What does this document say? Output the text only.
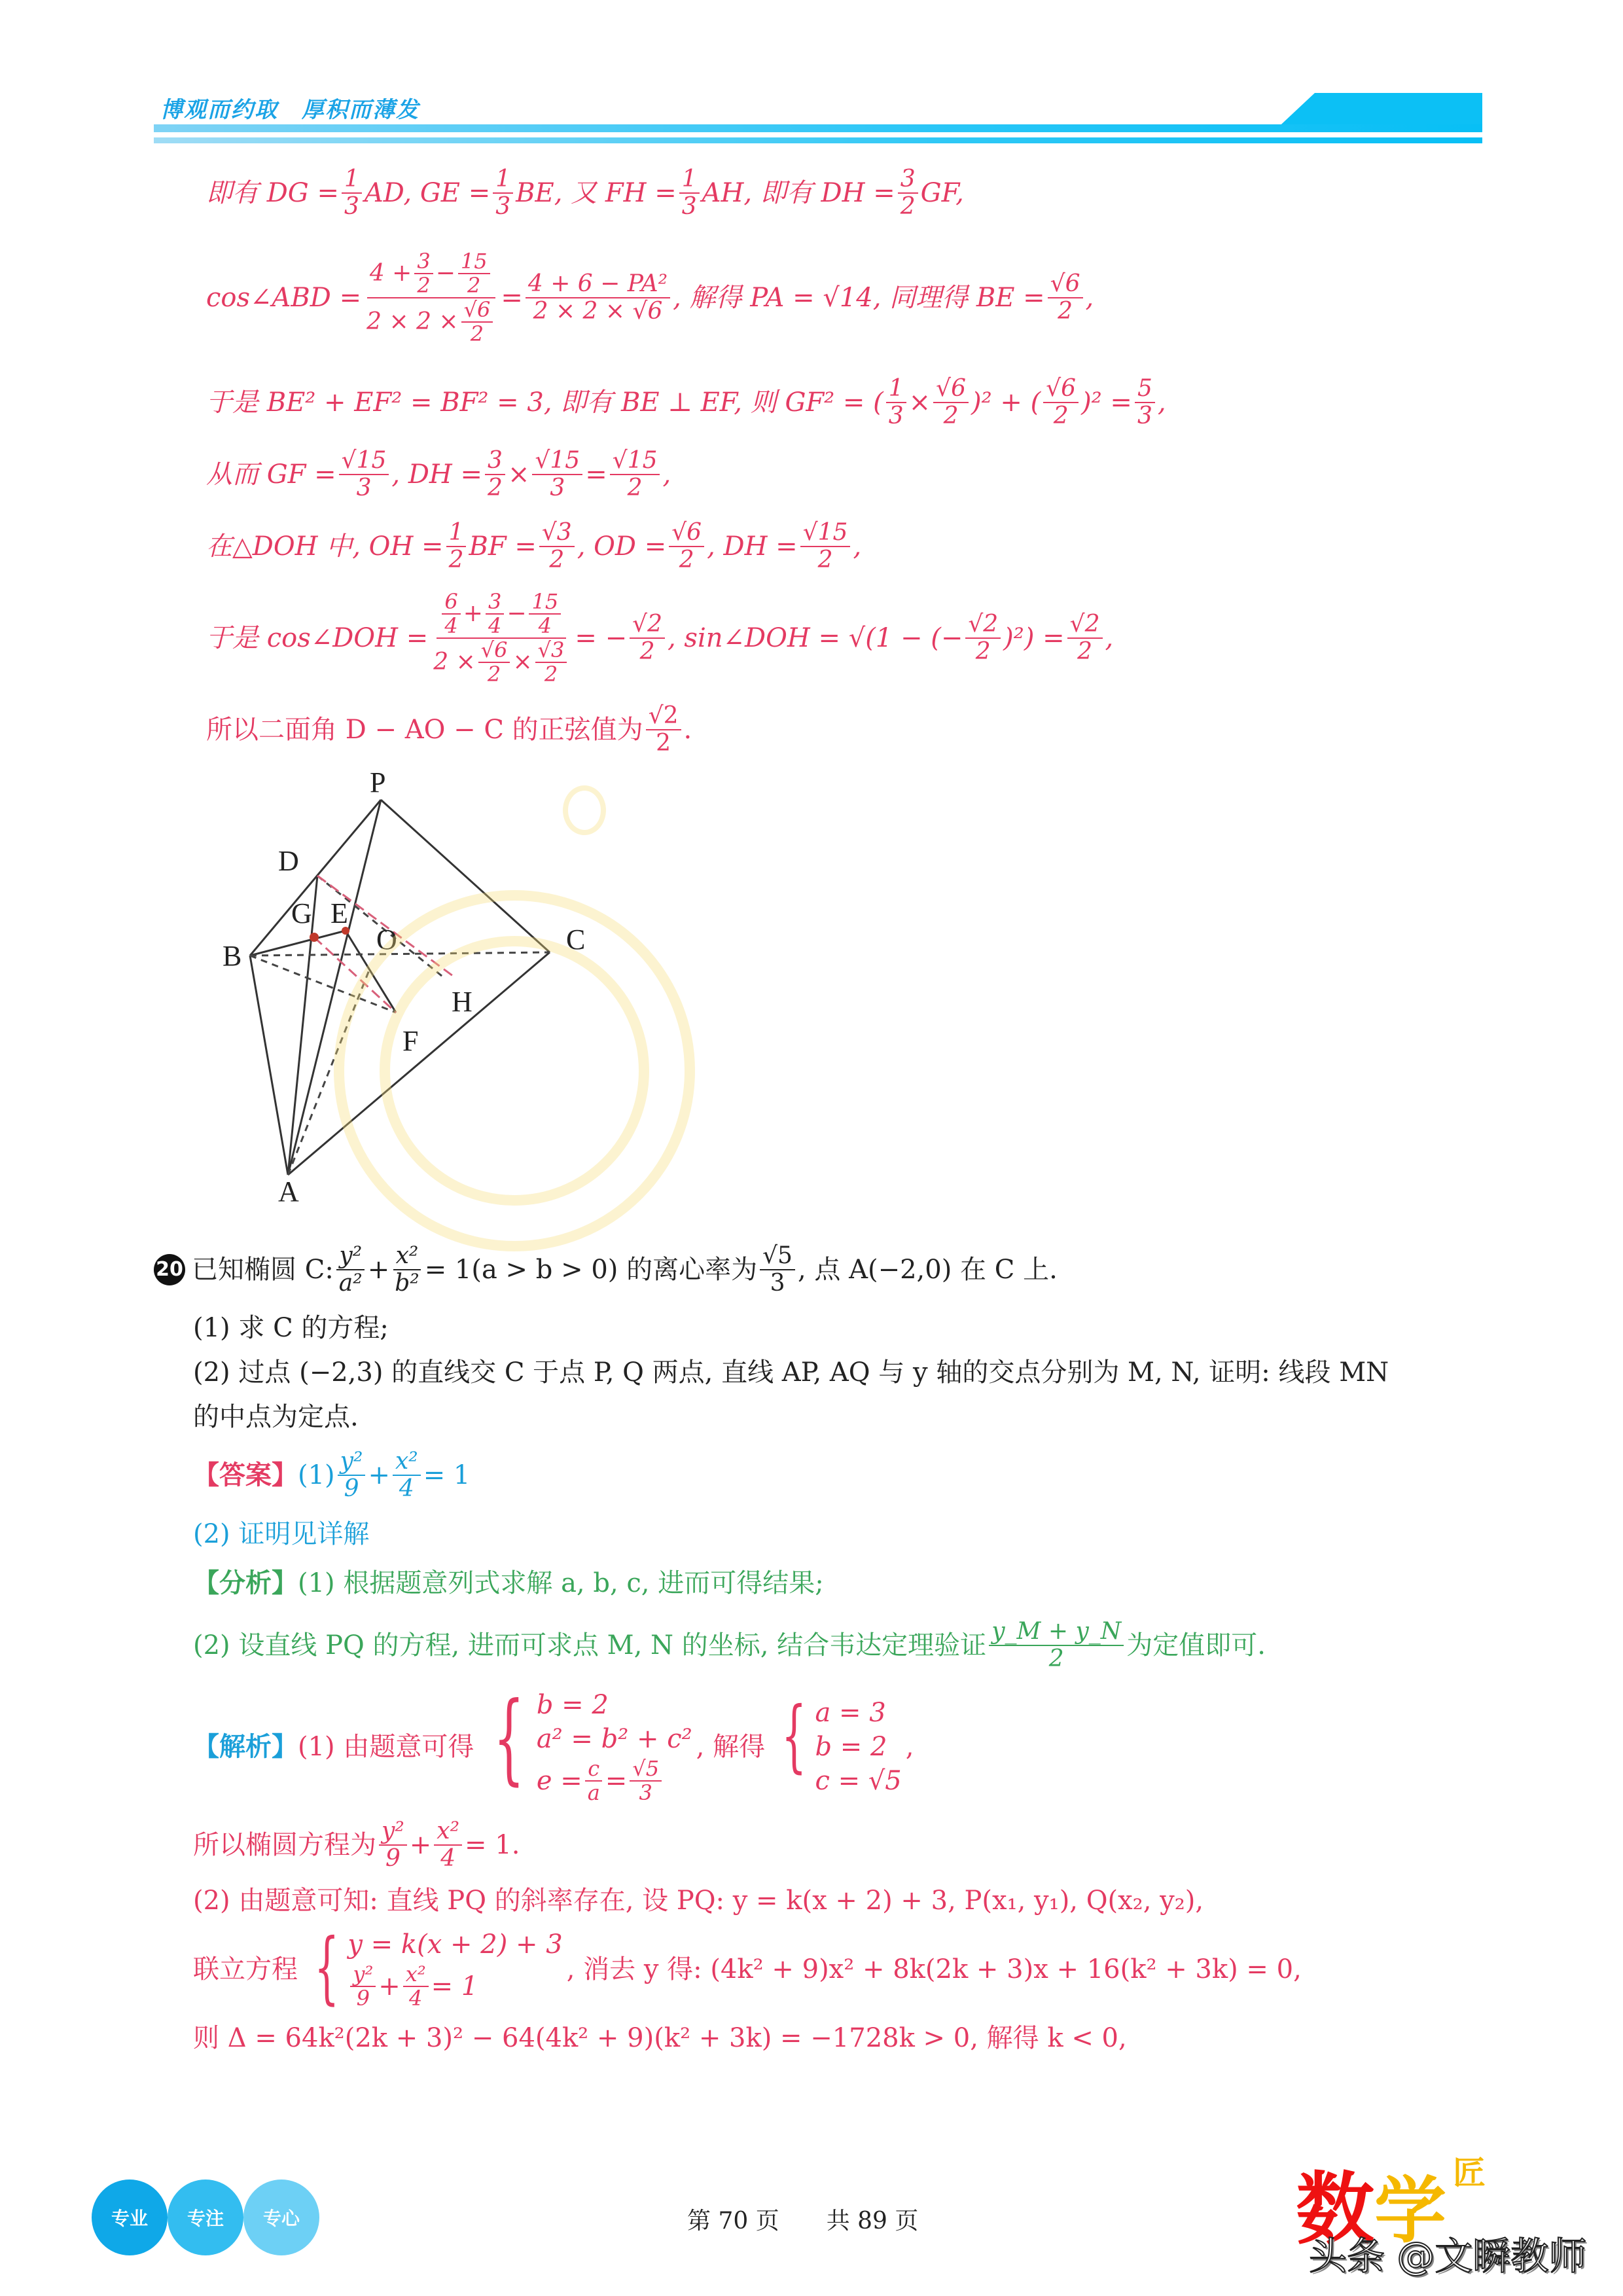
博观而约取　厚积而薄发
即有 DG = $\frac{1}{3}$ AD, GE = $\frac{1}{3}$ BE, 又 FH = $\frac{1}{3}$ AH, 即有 DH = $\frac{3}{2}$ GF,
cos∠ABD = $\frac{4 + \frac{3}{2} - \frac{15}{2}}{2 \times 2 \times \frac{√6}{2}} = \frac{\text{4 + 6 − PA²}}{2 \times 2 \times √6}$ , 解得 PA = √14, 同理得 BE = $\frac{√6}{2}$ ,
于是 BE² + EF² = BF² = 3, 即有 BE ⊥ EF, 则 GF² = ( $\frac{1}{3} \times \frac{√6}{2} )^2$ + ( $\frac{√6}{2} )^2 = \frac{5}{3}$ ,
从而 GF = $\frac{√15}{3}$ , DH = $\frac{3}{2} \times \frac{√15}{3} = \frac{√15}{2}$ ,
在△DOH 中, OH = $\frac{1}{2}$ BF = $\frac{√3}{2}$ , OD = $\frac{√6}{2}$ , DH = $\frac{√15}{2}$ ,
于是 cos∠DOH = $\frac{\frac{6}{4} + \frac{3}{4} - \frac{15}{4}}{2 \times \frac{√6}{2} \times \frac{√3}{2}}$ = − $\frac{√2}{2}$ , sin∠DOH = √(1 − (− $\frac{√2}{2} )^2) = \frac{√2}{2}$ ,
所以二面角 D − AO − C 的正弦值为 $\frac{√2}{2}$ .
P
D
G E
O
B
C
H
F
A
20 已知椭圆 C: $\frac{\text{y²}}{\text{a²}} + \frac{\text{x²}}{\text{b²}} = 1(a > b > 0)$ 的离心率为 $\frac{√5}{3}$ , 点 A(−2,0) 在 C 上.
(1) 求 C 的方程;
(2) 过点 (−2,3) 的直线交 C 于点 P, Q 两点, 直线 AP, AQ 与 y 轴的交点分别为 M, N, 证明: 线段 MN
的中点为定点.
【答案】 $(1) \frac{\text{y²}}{9} + \frac{\text{x²}}{4} = 1$
(2) 证明见详解
【分析】 (1) 根据题意列式求解 a, b, c, 进而可得结果;
(2) 设直线 PQ 的方程, 进而可求点 M, N 的坐标, 结合韦达定理验证 $\frac{y\_M + y\_N}{2}$ 为定值即可.
【解析】 (1) 由题意可得 { b = 2
a² = b² + c²
$e = \frac{c}{a} = \frac{√5}{3}$
, 解得 { a = 3
b = 2
c = √5
,
所以椭圆方程为 $\frac{\text{y²}}{9} + \frac{\text{x²}}{4} = 1$.
(2) 由题意可知: 直线 PQ 的斜率存在, 设 PQ: y = k(x + 2) + 3, P(x₁, y₁), Q(x₂, y₂),
联立方程 { y = k(x + 2) + 3
$\frac{\text{y²}}{9} + \frac{\text{x²}}{4} = 1$
, 消去 y 得: (4k² + 9)x² + 8k(2k + 3)x + 16(k² + 3k) = 0,
则 Δ = 64k²(2k + 3)² − 64(4k² + 9)(k² + 3k) = −1728k > 0, 解得 k < 0,
专业	专注	专心	第 70 页　　共 89 页	数 学 匠
头条 @文瞬教师
